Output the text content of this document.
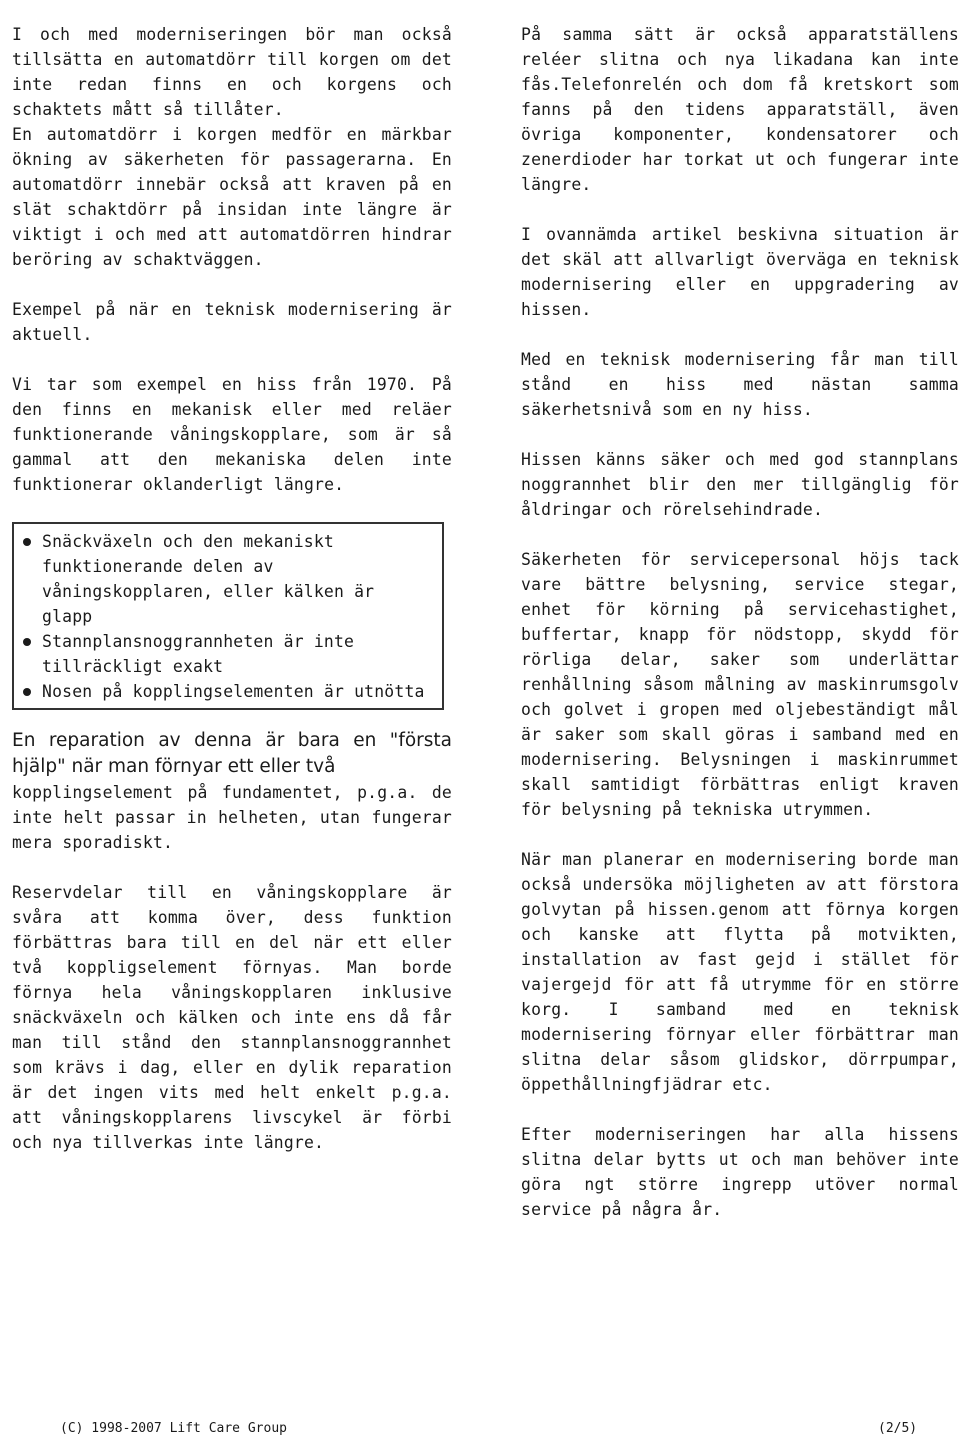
I och med moderniseringen bör man också tillsätta en automatdörr till korgen om det inte redan finns en och korgens och schaktets mått så tillåter.

En automatdörr i korgen medför en märkbar ökning av säkerheten för passagerarna. En automatdörr innebär också att kraven på en slät schaktdörr på insidan inte längre är viktigt i och med att automatdörren hindrar beröring av schaktväggen.

Exempel på när en teknisk modernisering är aktuell.

Vi tar som exempel en hiss från 1970. På den finns en mekanisk eller med reläer funktionerande våningskopplare, som är så gammal att den mekaniska delen inte funktionerar oklanderligt längre.

Snäckväxeln och den mekaniskt funktionerande delen av våningskopplaren, eller kälken är glapp
Stannplansnoggrannheten är inte tillräckligt exakt
Nosen på kopplingselementen är utnötta

En reparation av denna är bara en "första hjälp" när man förnyar ett eller två

kopplingselement på fundamentet, p.g.a. de inte helt passar in helheten, utan fungerar mera sporadiskt.

Reservdelar till en våningskopplare är svåra att komma över, dess funktion förbättras bara till en del när ett eller två koppligselement förnyas. Man borde förnya hela våningskopplaren inklusive snäckväxeln och kälken och inte ens då får man till stånd den stannplansnoggrannhet som krävs i dag, eller en dylik reparation är det ingen vits med helt enkelt p.g.a. att våningskopplarens livscykel är förbi och nya tillverkas inte längre.

På samma sätt är också apparatställens reléer slitna och nya likadana kan inte fås.Telefonrelén och dom få kretskort som fanns på den tidens apparatställ, även övriga komponenter, kondensatorer och zenerdioder har torkat ut och fungerar inte längre.

I ovannämda artikel beskivna situation är det skäl att allvarligt överväga en teknisk modernisering eller en uppgradering av hissen.

Med en teknisk modernisering får man till stånd en hiss med nästan samma säkerhetsnivå som en ny hiss.

Hissen känns säker och med god stannplans noggrannhet blir den mer tillgänglig för åldringar och rörelsehindrade.

Säkerheten för servicepersonal höjs tack vare bättre belysning, service stegar, enhet för körning på servicehastighet, buffertar, knapp för nödstopp, skydd för rörliga delar, saker som underlättar renhållning såsom målning av maskinrumsgolv och golvet i gropen med oljebeständigt mål är saker som skall göras i samband med en modernisering. Belysningen i maskinrummet skall samtidigt förbättras enligt kraven för belysning på tekniska utrymmen.

När man planerar en modernisering borde man också undersöka möjligheten av att förstora golvytan på hissen.genom att förnya korgen och kanske att flytta på motvikten, installation av fast gejd i stället för vajergejd för att få utrymme för en större korg. I samband med en teknisk modernisering förnyar eller förbättrar man slitna delar såsom glidskor, dörrpumpar, öppethållningfjädrar etc.

Efter moderniseringen har alla hissens slitna delar bytts ut och man behöver inte göra ngt större ingrepp utöver normal service på några år.

(C) 1998-2007 Lift Care Group	(2/5)
